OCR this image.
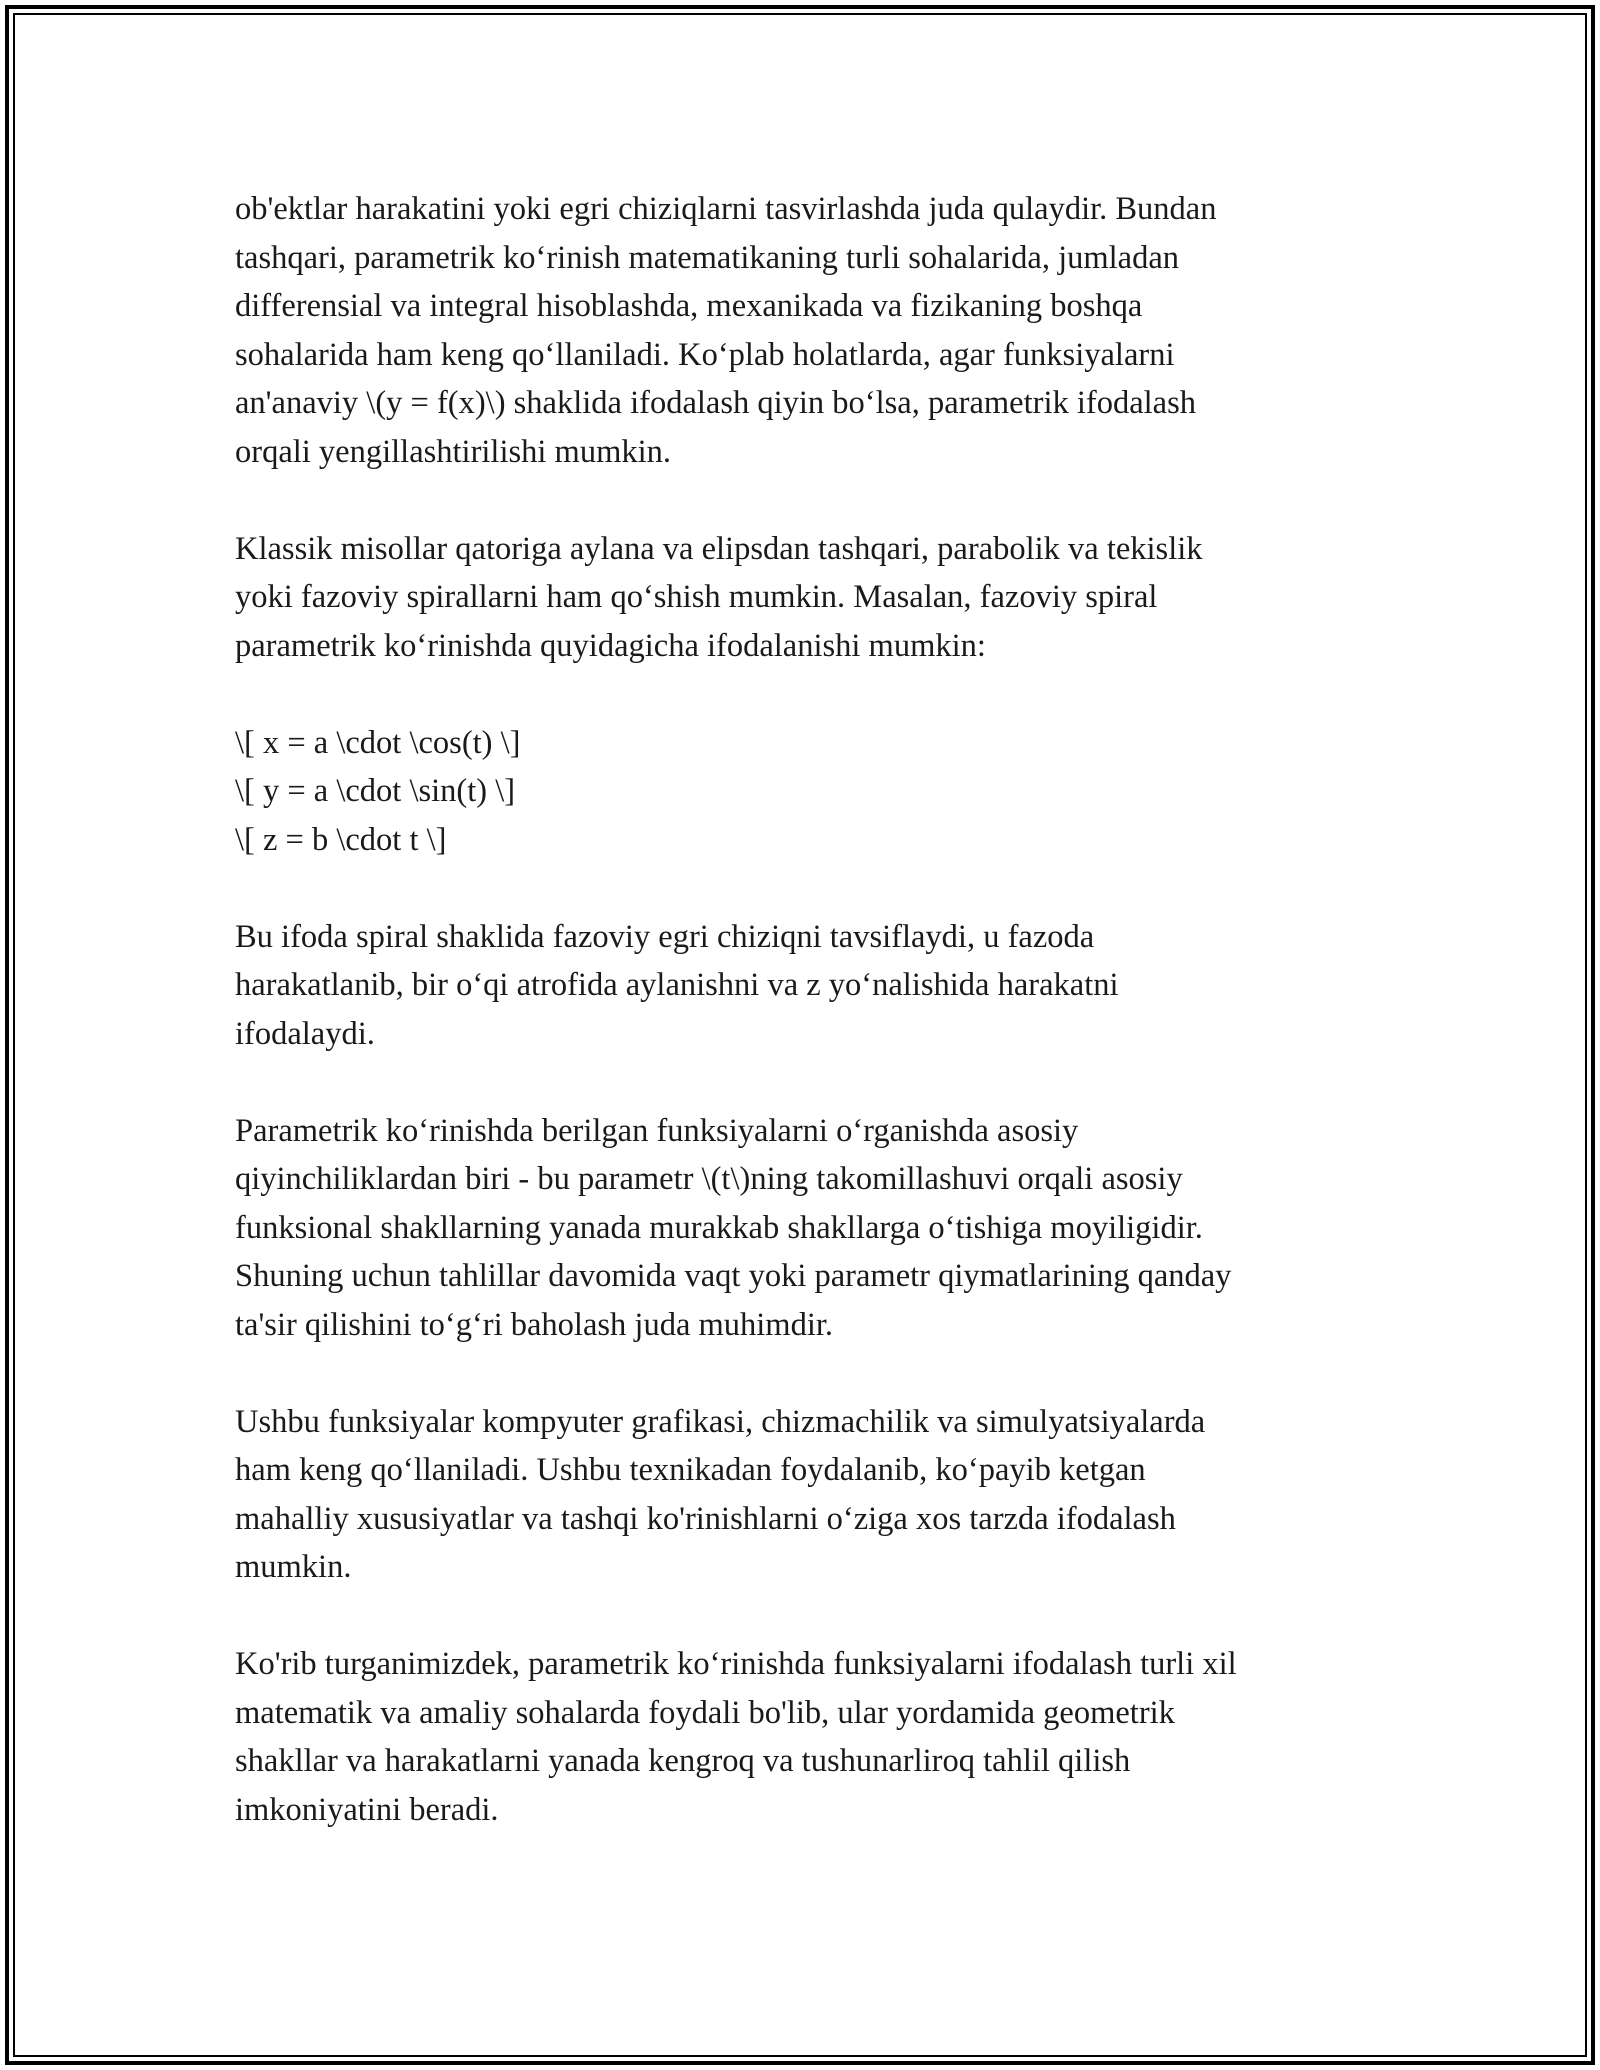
ob'ektlar harakatini yoki egri chiziqlarni tasvirlashda juda qulaydir. Bundan
tashqari, parametrik ko‘rinish matematikaning turli sohalarida, jumladan
differensial va integral hisoblashda, mexanikada va fizikaning boshqa
sohalarida ham keng qo‘llaniladi. Ko‘plab holatlarda, agar funksiyalarni
an'anaviy \(y = f(x)\) shaklida ifodalash qiyin bo‘lsa, parametrik ifodalash
orqali yengillashtirilishi mumkin.

Klassik misollar qatoriga aylana va elipsdan tashqari, parabolik va tekislik
yoki fazoviy spirallarni ham qo‘shish mumkin. Masalan, fazoviy spiral
parametrik ko‘rinishda quyidagicha ifodalanishi mumkin:

\[ x = a \cdot \cos(t) \]
\[ y = a \cdot \sin(t) \]
\[ z = b \cdot t \]

Bu ifoda spiral shaklida fazoviy egri chiziqni tavsiflaydi, u fazoda
harakatlanib, bir o‘qi atrofida aylanishni va z yo‘nalishida harakatni
ifodalaydi.

Parametrik ko‘rinishda berilgan funksiyalarni o‘rganishda asosiy
qiyinchiliklardan biri - bu parametr \(t\)ning takomillashuvi orqali asosiy
funksional shakllarning yanada murakkab shakllarga o‘tishiga moyiligidir.
Shuning uchun tahlillar davomida vaqt yoki parametr qiymatlarining qanday
ta'sir qilishini to‘g‘ri baholash juda muhimdir.

Ushbu funksiyalar kompyuter grafikasi, chizmachilik va simulyatsiyalarda
ham keng qo‘llaniladi. Ushbu texnikadan foydalanib, ko‘payib ketgan
mahalliy xususiyatlar va tashqi ko'rinishlarni o‘ziga xos tarzda ifodalash
mumkin.

Ko'rib turganimizdek, parametrik ko‘rinishda funksiyalarni ifodalash turli xil
matematik va amaliy sohalarda foydali bo'lib, ular yordamida geometrik
shakllar va harakatlarni yanada kengroq va tushunarliroq tahlil qilish
imkoniyatini beradi.
